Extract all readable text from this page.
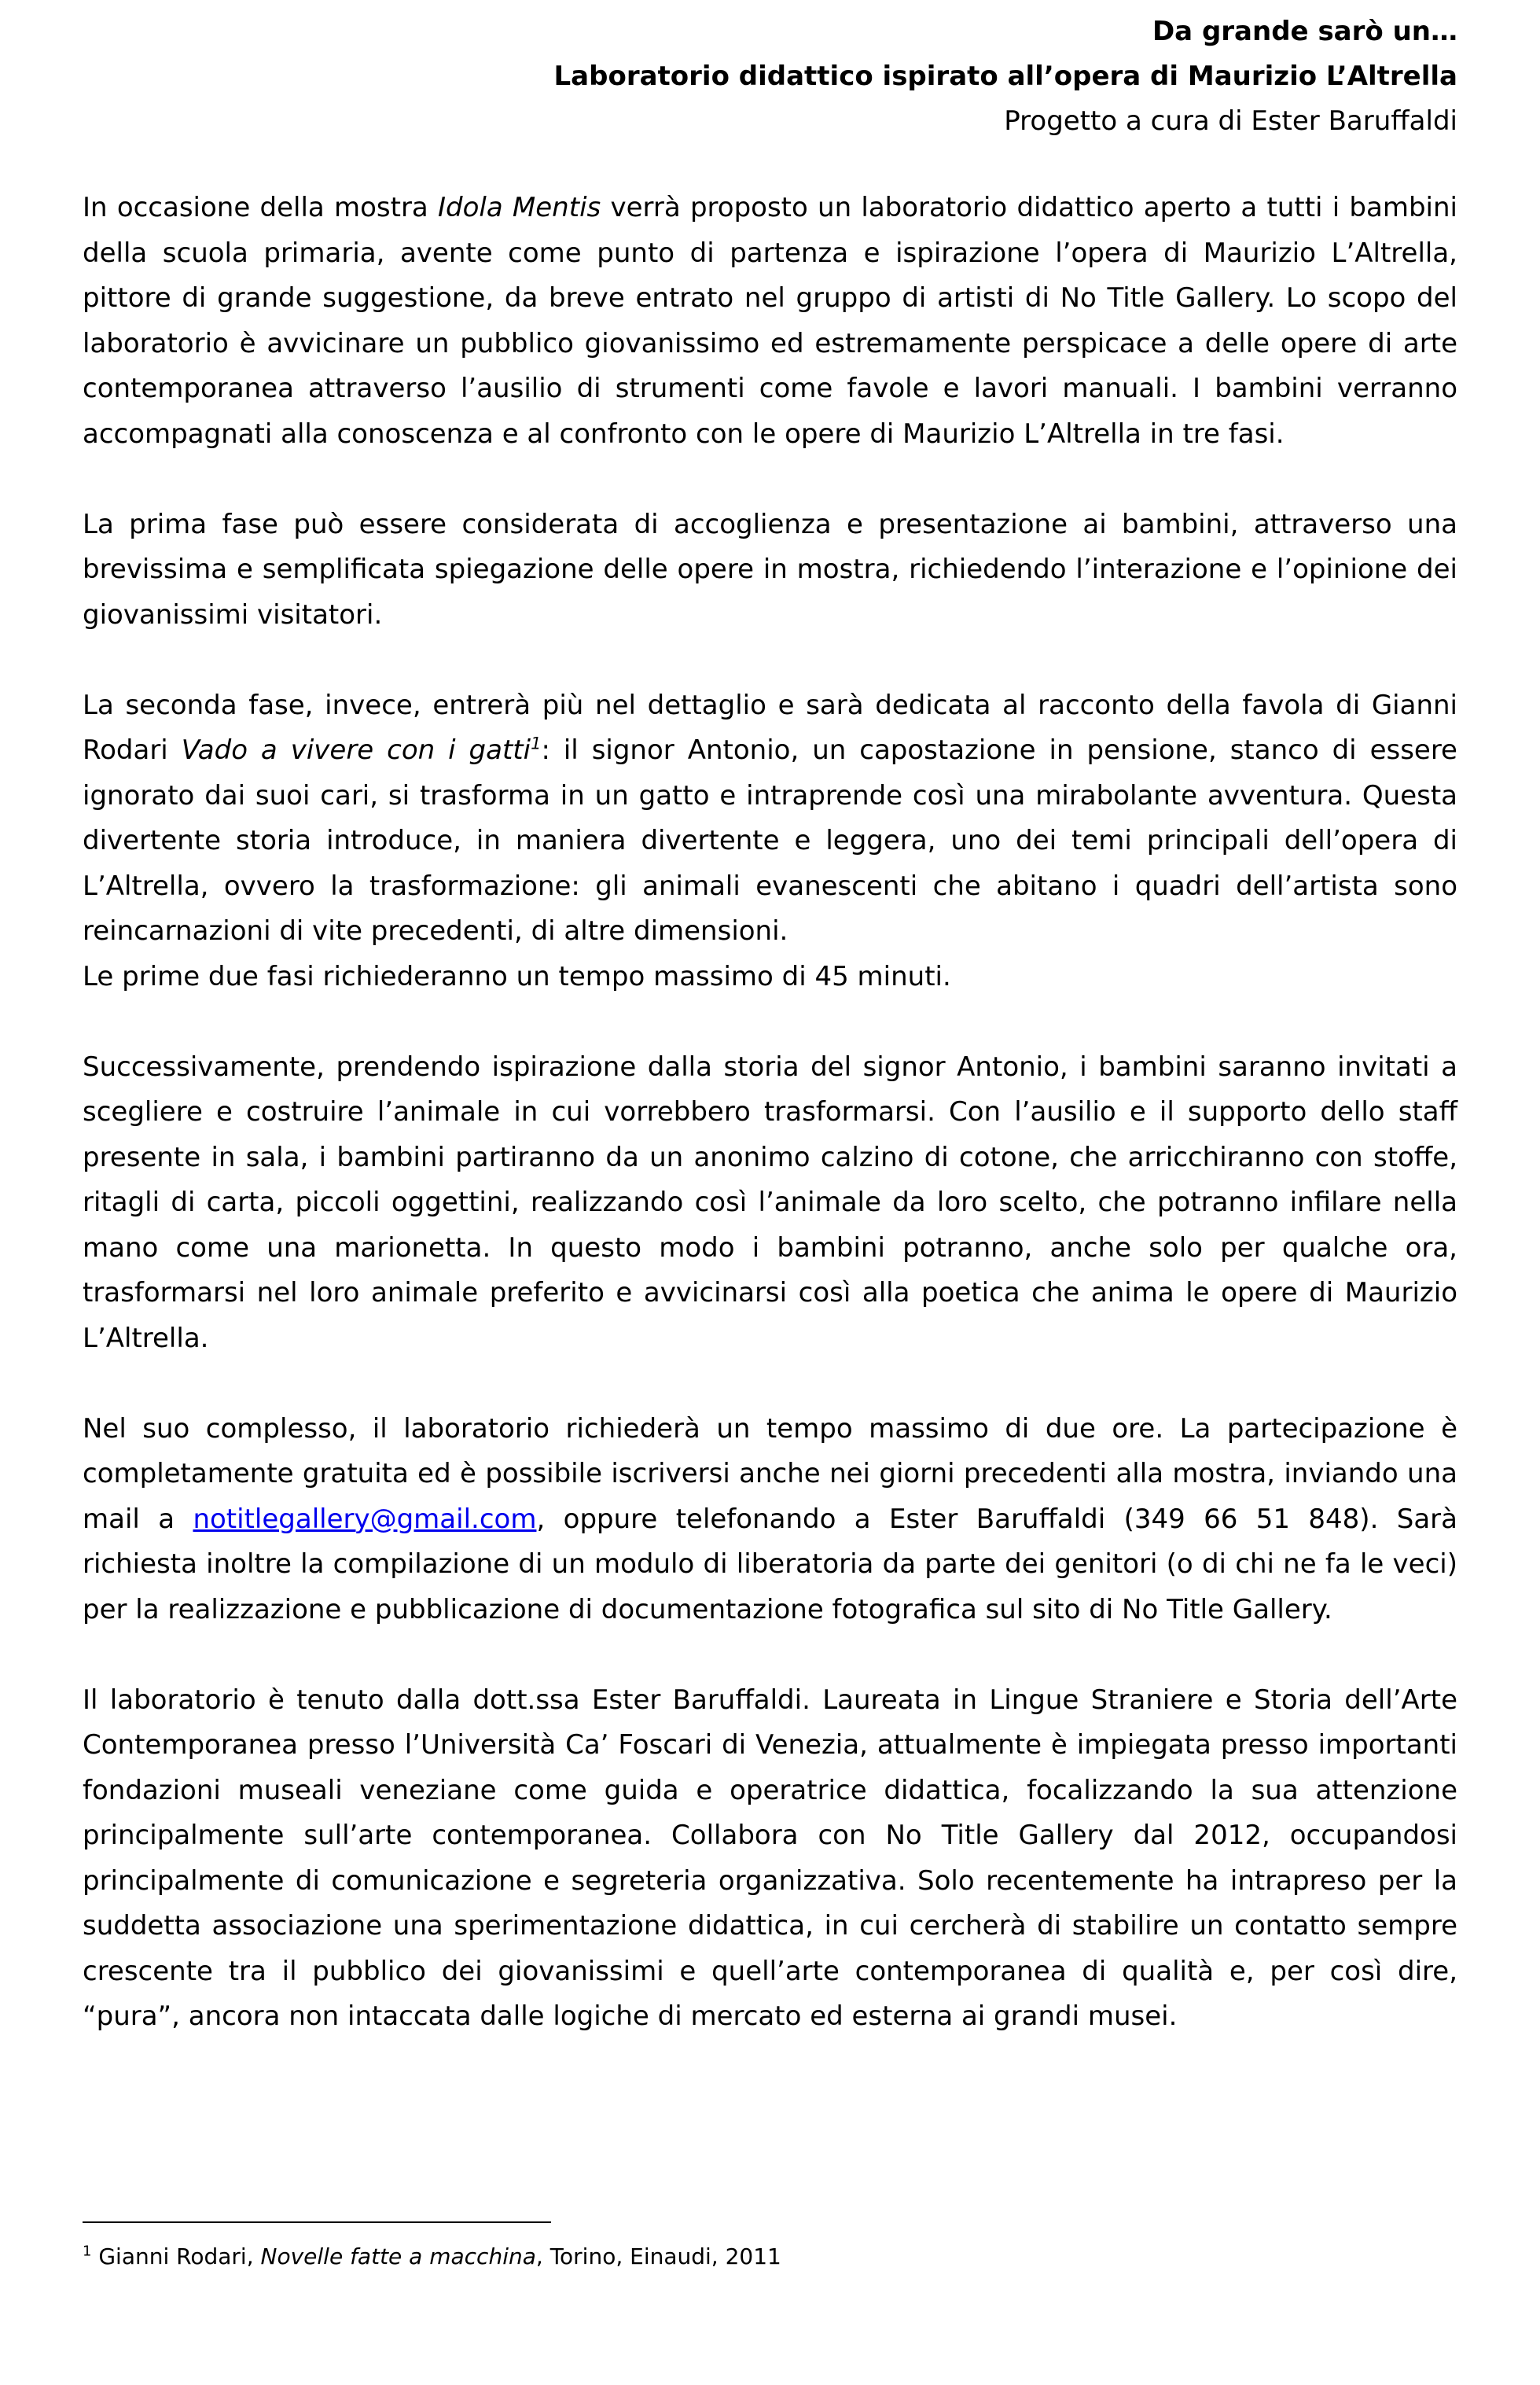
Da grande sarò un…
Laboratorio didattico ispirato all’opera di Maurizio L’Altrella
Progetto a cura di Ester Baruffaldi

In occasione della mostra Idola Mentis verrà proposto un laboratorio didattico aperto a tutti i bambini della scuola primaria, avente come punto di partenza e ispirazione l’opera di Maurizio L’Altrella, pittore di grande suggestione, da breve entrato nel gruppo di artisti di No Title Gallery. Lo scopo del laboratorio è avvicinare un pubblico giovanissimo ed estremamente perspicace a delle opere di arte contemporanea attraverso l’ausilio di strumenti come favole e lavori manuali. I bambini verranno accompagnati alla conoscenza e al confronto con le opere di Maurizio L’Altrella in tre fasi.

La prima fase può essere considerata di accoglienza e presentazione ai bambini, attraverso una brevissima e semplificata spiegazione delle opere in mostra, richiedendo l’interazione e l’opinione dei giovanissimi visitatori.

La seconda fase, invece, entrerà più nel dettaglio e sarà dedicata al racconto della favola di Gianni Rodari Vado a vivere con i gatti$^1$: il signor Antonio, un capostazione in pensione, stanco di essere ignorato dai suoi cari, si trasforma in un gatto e intraprende così una mirabolante avventura. Questa divertente storia introduce, in maniera divertente e leggera, uno dei temi principali dell’opera di L’Altrella, ovvero la trasformazione: gli animali evanescenti che abitano i quadri dell’artista sono reincarnazioni di vite precedenti, di altre dimensioni.

Le prime due fasi richiederanno un tempo massimo di 45 minuti.

Successivamente, prendendo ispirazione dalla storia del signor Antonio, i bambini saranno invitati a scegliere e costruire l’animale in cui vorrebbero trasformarsi. Con l’ausilio e il supporto dello staff presente in sala, i bambini partiranno da un anonimo calzino di cotone, che arricchiranno con stoffe, ritagli di carta, piccoli oggettini, realizzando così l’animale da loro scelto, che potranno infilare nella mano come una marionetta. In questo modo i bambini potranno, anche solo per qualche ora, trasformarsi nel loro animale preferito e avvicinarsi così alla poetica che anima le opere di Maurizio L’Altrella.

Nel suo complesso, il laboratorio richiederà un tempo massimo di due ore. La partecipazione è completamente gratuita ed è possibile iscriversi anche nei giorni precedenti alla mostra, inviando una mail a notitlegallery@gmail.com, oppure telefonando a Ester Baruffaldi (349 66 51 848). Sarà richiesta inoltre la compilazione di un modulo di liberatoria da parte dei genitori (o di chi ne fa le veci) per la realizzazione e pubblicazione di documentazione fotografica sul sito di No Title Gallery.

Il laboratorio è tenuto dalla dott.ssa Ester Baruffaldi. Laureata in Lingue Straniere e Storia dell’Arte Contemporanea presso l’Università Ca’ Foscari di Venezia, attualmente è impiegata presso importanti fondazioni museali veneziane come guida e operatrice didattica, focalizzando la sua attenzione principalmente sull’arte contemporanea. Collabora con No Title Gallery dal 2012, occupandosi principalmente di comunicazione e segreteria organizzativa. Solo recentemente ha intrapreso per la suddetta associazione una sperimentazione didattica, in cui cercherà di stabilire un contatto sempre crescente tra il pubblico dei giovanissimi e quell’arte contemporanea di qualità e, per così dire, “pura”, ancora non intaccata dalle logiche di mercato ed esterna ai grandi musei.

$^1$ Gianni Rodari, Novelle fatte a macchina, Torino, Einaudi, 2011
